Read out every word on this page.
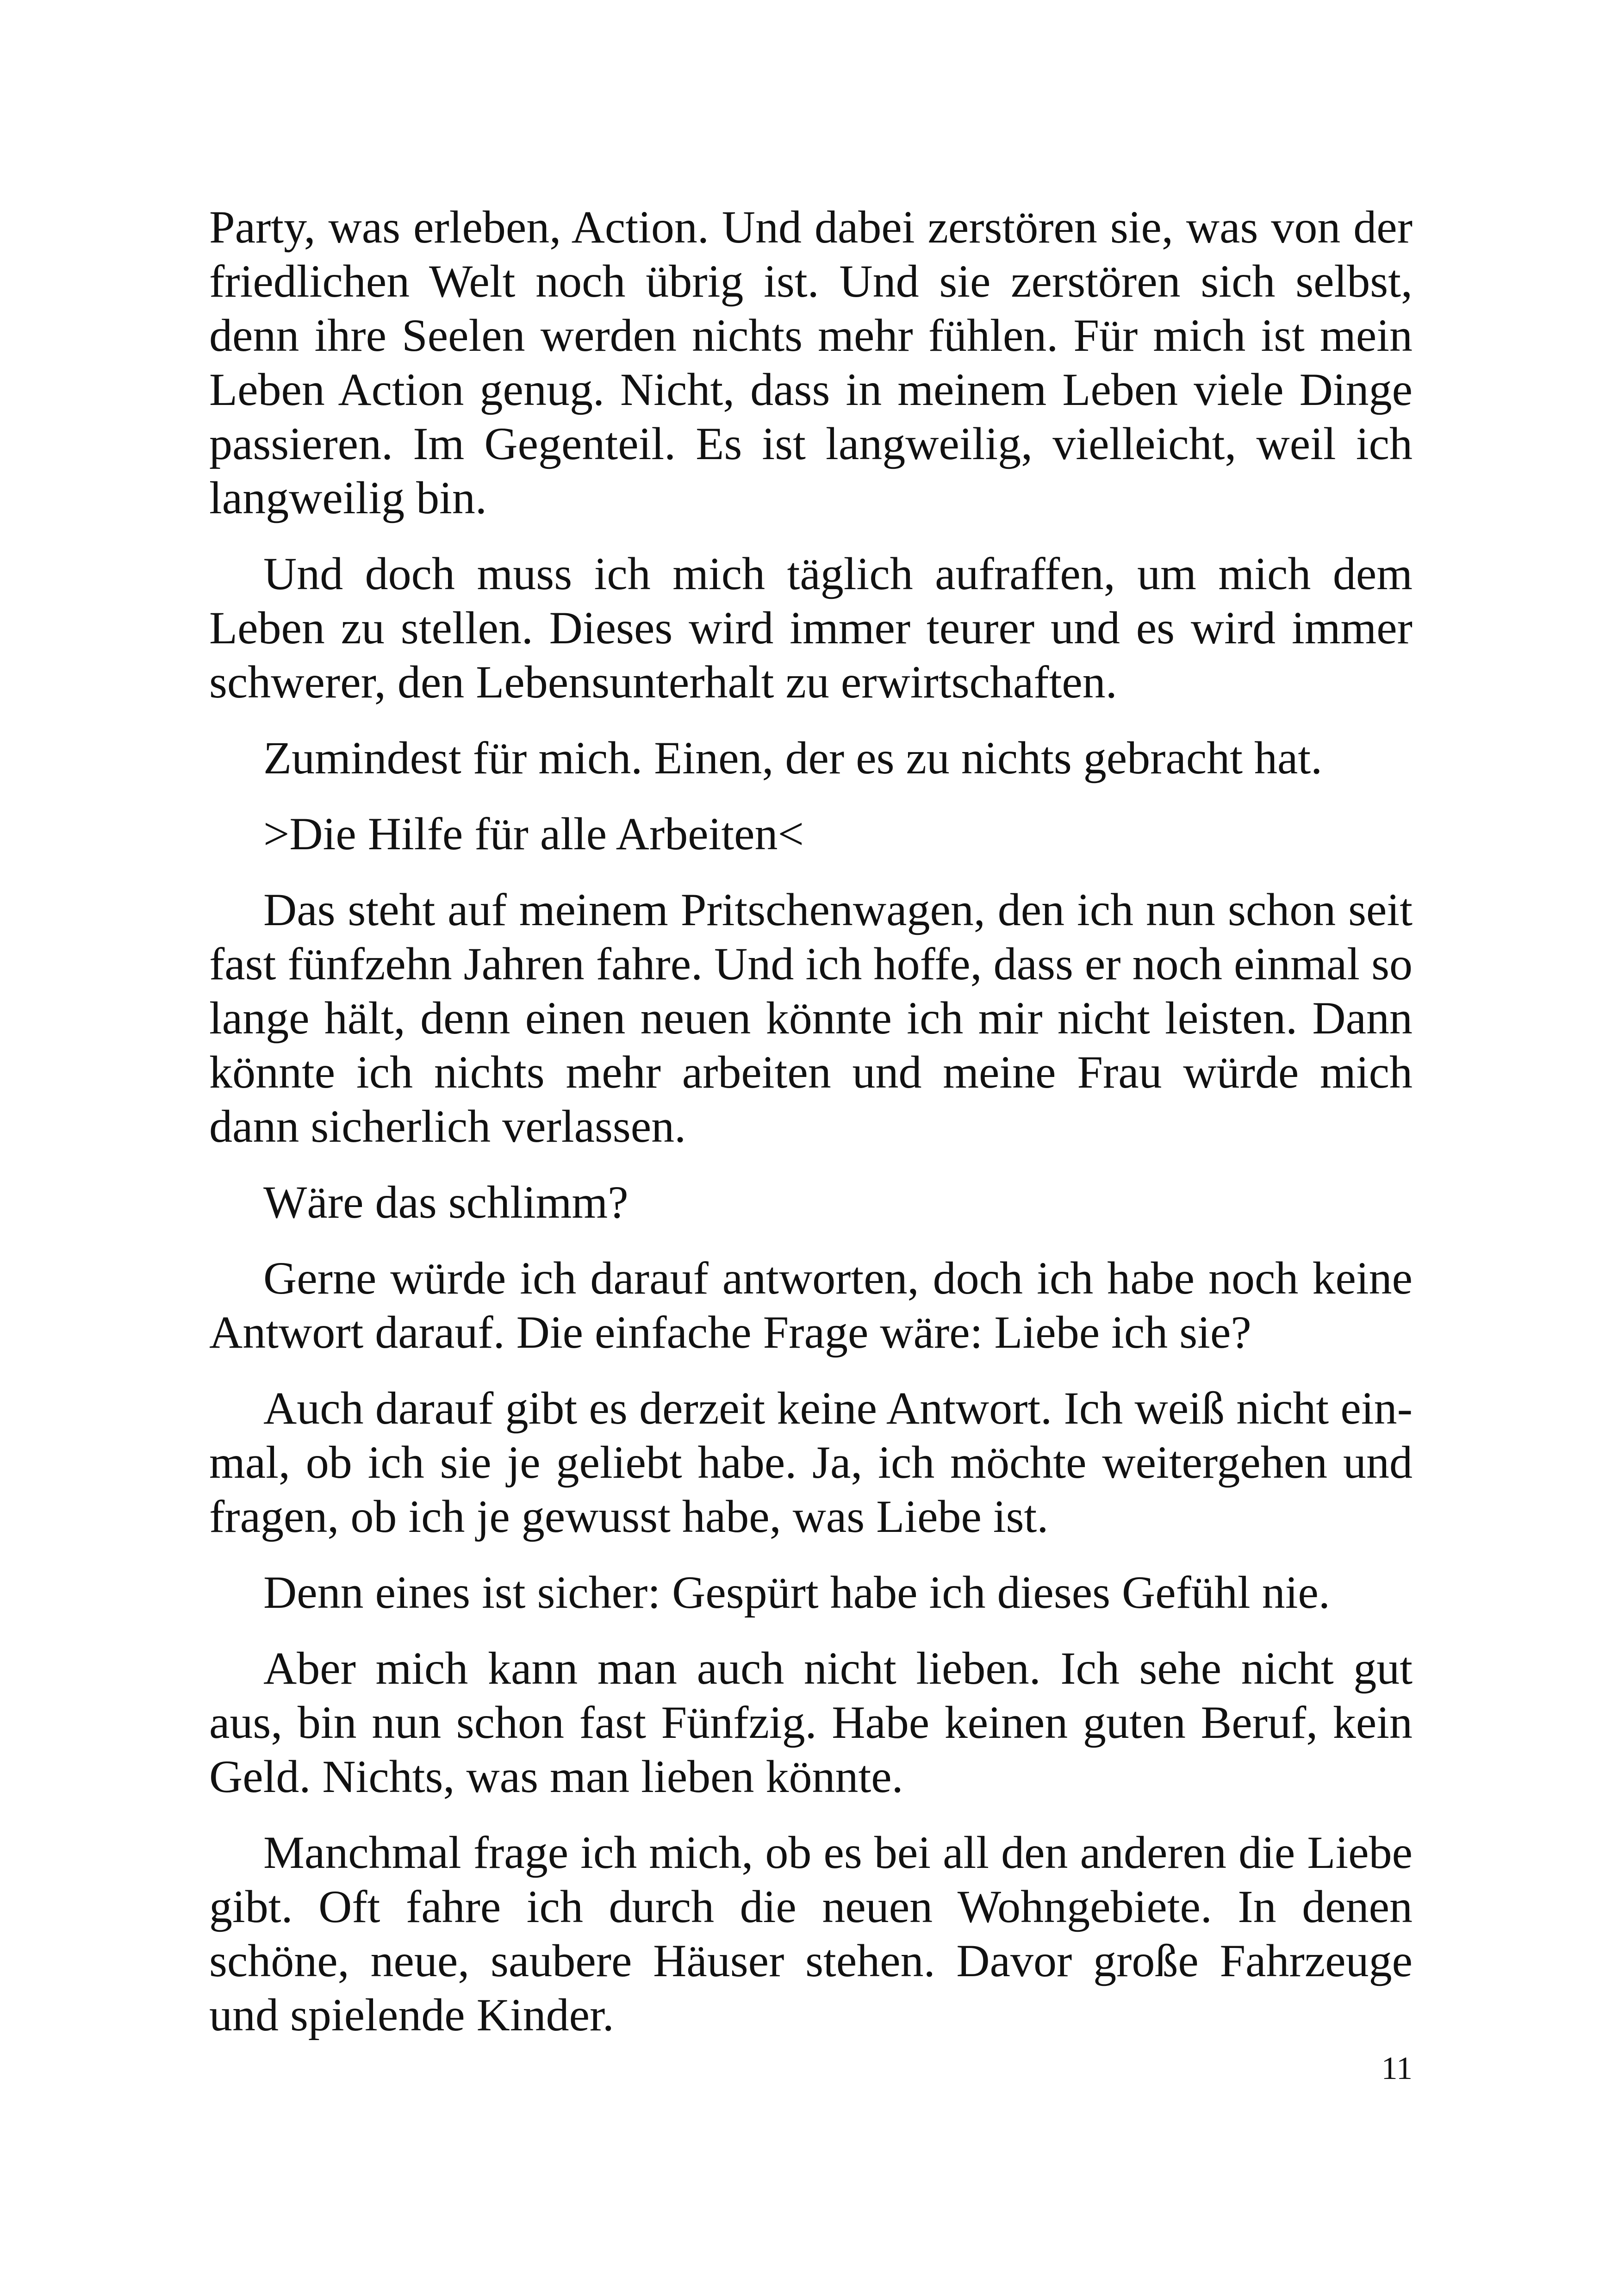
Party, was erleben, Action. Und dabei zerstören sie, was von der friedlichen Welt noch übrig ist. Und sie zerstören sich selbst, denn ihre Seelen werden nichts mehr fühlen. Für mich ist mein Leben Action genug. Nicht, dass in meinem Leben viele Dinge passieren. Im Gegenteil. Es ist langweilig, vielleicht, weil ich langweilig bin.

Und doch muss ich mich täglich aufraffen, um mich dem Leben zu stellen. Dieses wird immer teurer und es wird immer schwerer, den Lebensunterhalt zu erwirtschaften.

Zumindest für mich. Einen, der es zu nichts gebracht hat.

>Die Hilfe für alle Arbeiten<

Das steht auf meinem Pritschenwagen, den ich nun schon seit fast fünfzehn Jahren fahre. Und ich hoffe, dass er noch einmal so lange hält, denn einen neuen könnte ich mir nicht leisten. Dann könnte ich nichts mehr arbeiten und meine Frau würde mich dann sicherlich verlassen.

Wäre das schlimm?

Gerne würde ich darauf antworten, doch ich habe noch keine Antwort darauf. Die einfache Frage wäre: Liebe ich sie?

Auch darauf gibt es derzeit keine Antwort. Ich weiß nicht einmal, ob ich sie je geliebt habe. Ja, ich möchte weitergehen und fragen, ob ich je gewusst habe, was Liebe ist.

Denn eines ist sicher: Gespürt habe ich dieses Gefühl nie.

Aber mich kann man auch nicht lieben. Ich sehe nicht gut aus, bin nun schon fast Fünfzig. Habe keinen guten Beruf, kein Geld. Nichts, was man lieben könnte.

Manchmal frage ich mich, ob es bei all den anderen die Liebe gibt. Oft fahre ich durch die neuen Wohngebiete. In denen schöne, neue, saubere Häuser stehen. Davor große Fahrzeuge und spielende Kinder.

11
